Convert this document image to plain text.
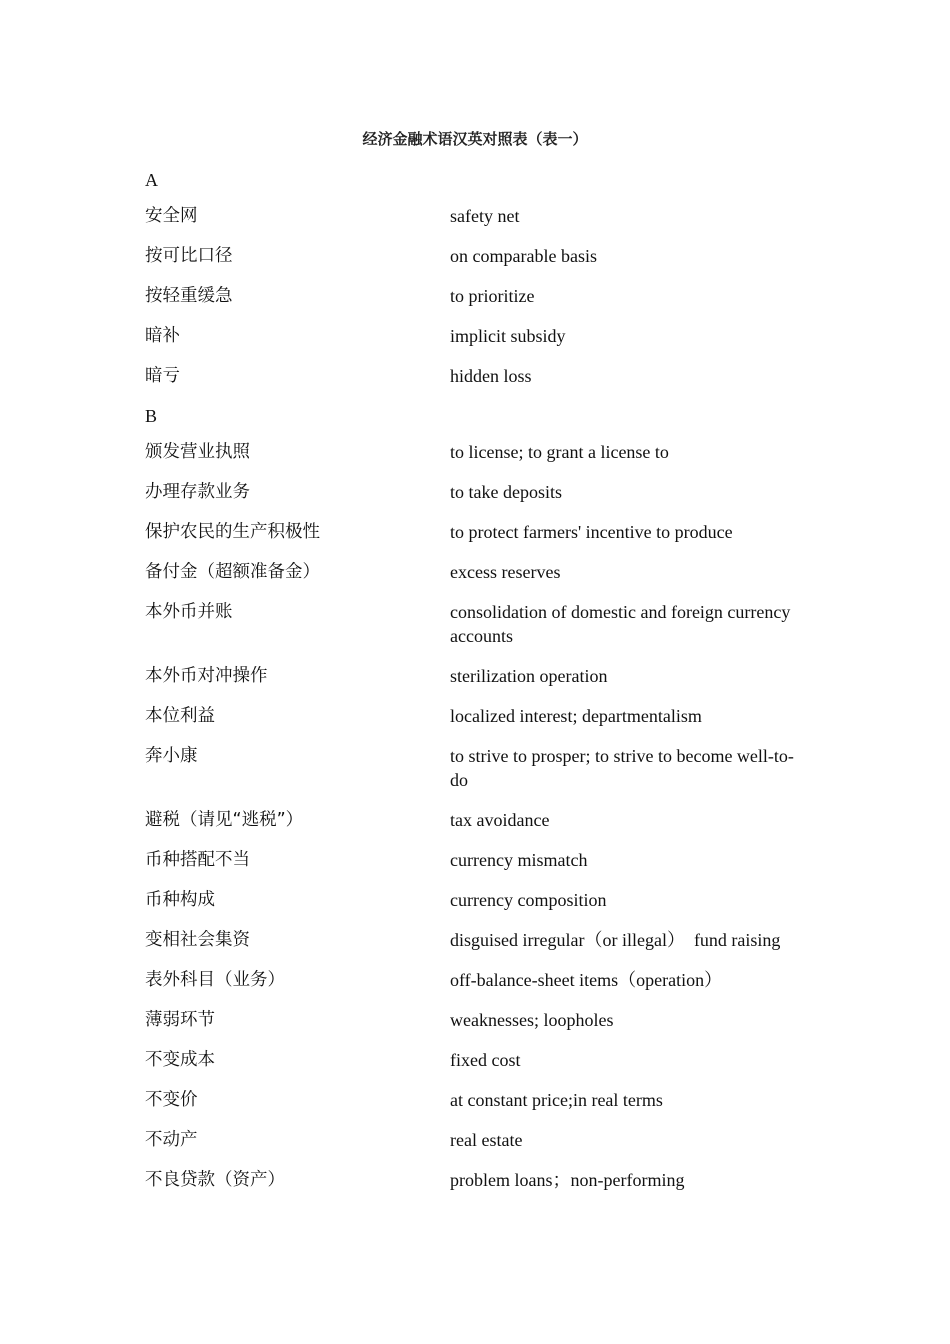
经济金融术语汉英对照表（表一）
A
安全网	safety net
按可比口径	on comparable basis
按轻重缓急	to prioritize
暗补	implicit subsidy
暗亏	hidden loss
B
颁发营业执照	to license; to grant a license to
办理存款业务	to take deposits
保护农民的生产积极性	to protect farmers' incentive to produce
备付金（超额准备金）	excess reserves
本外币并账	consolidation of domestic and foreign currency accounts
本外币对冲操作	sterilization operation
本位利益	localized interest; departmentalism
奔小康	to strive to prosper; to strive to become well-to-do
避税（请见“逃税”）	tax avoidance
币种搭配不当	currency mismatch
币种构成	currency composition
变相社会集资	disguised irregular（or illegal）　fund raising
表外科目（业务）	off-balance-sheet items（operation）
薄弱环节	weaknesses; loopholes
不变成本	fixed cost
不变价	at constant price;in real terms
不动产	real estate
不良贷款（资产）	problem loans；non-performing
